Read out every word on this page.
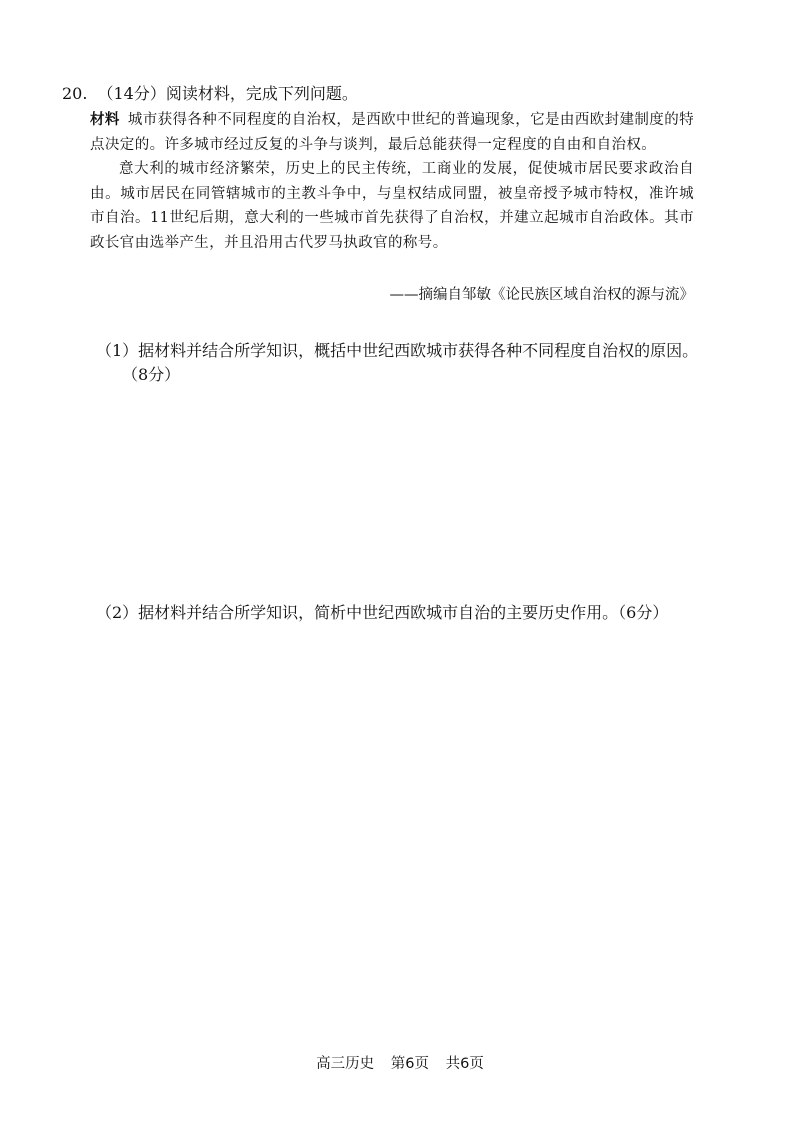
20. （14分）阅读材料，完成下列问题。

材料 城市获得各种不同程度的自治权，是西欧中世纪的普遍现象，它是由西欧封建制度的特点决定的。许多城市经过反复的斗争与谈判，最后总能获得一定程度的自由和自治权。

意大利的城市经济繁荣，历史上的民主传统，工商业的发展，促使城市居民要求政治自由。城市居民在同管辖城市的主教斗争中，与皇权结成同盟，被皇帝授予城市特权，准许城市自治。11世纪后期，意大利的一些城市首先获得了自治权，并建立起城市自治政体。其市政长官由选举产生，并且沿用古代罗马执政官的称号。

——摘编自邹敏《论民族区域自治权的源与流》
（1）据材料并结合所学知识，概括中世纪西欧城市获得各种不同程度自治权的原因。
（8分）
（2）据材料并结合所学知识，简析中世纪西欧城市自治的主要历史作用。（6分）
高三历史 第6页 共6页
